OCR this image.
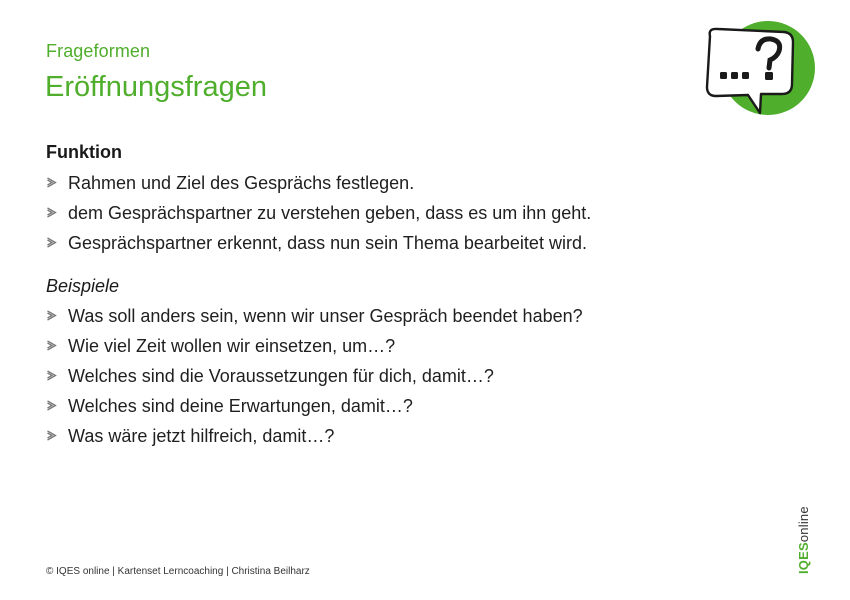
Frageformen
Eröffnungsfragen
Funktion
Rahmen und Ziel des Gesprächs festlegen.
dem Gesprächspartner zu verstehen geben, dass es um ihn geht.
Gesprächspartner erkennt, dass nun sein Thema bearbeitet wird.
Beispiele
Was soll anders sein, wenn wir unser Gespräch beendet haben?
Wie viel Zeit wollen wir einsetzen, um…?
Welches sind die Voraussetzungen für dich, damit…?
Welches sind deine Erwartungen, damit…?
Was wäre jetzt hilfreich, damit…?
© IQES online | Kartenset Lerncoaching | Christina Beilharz	IQESonline
